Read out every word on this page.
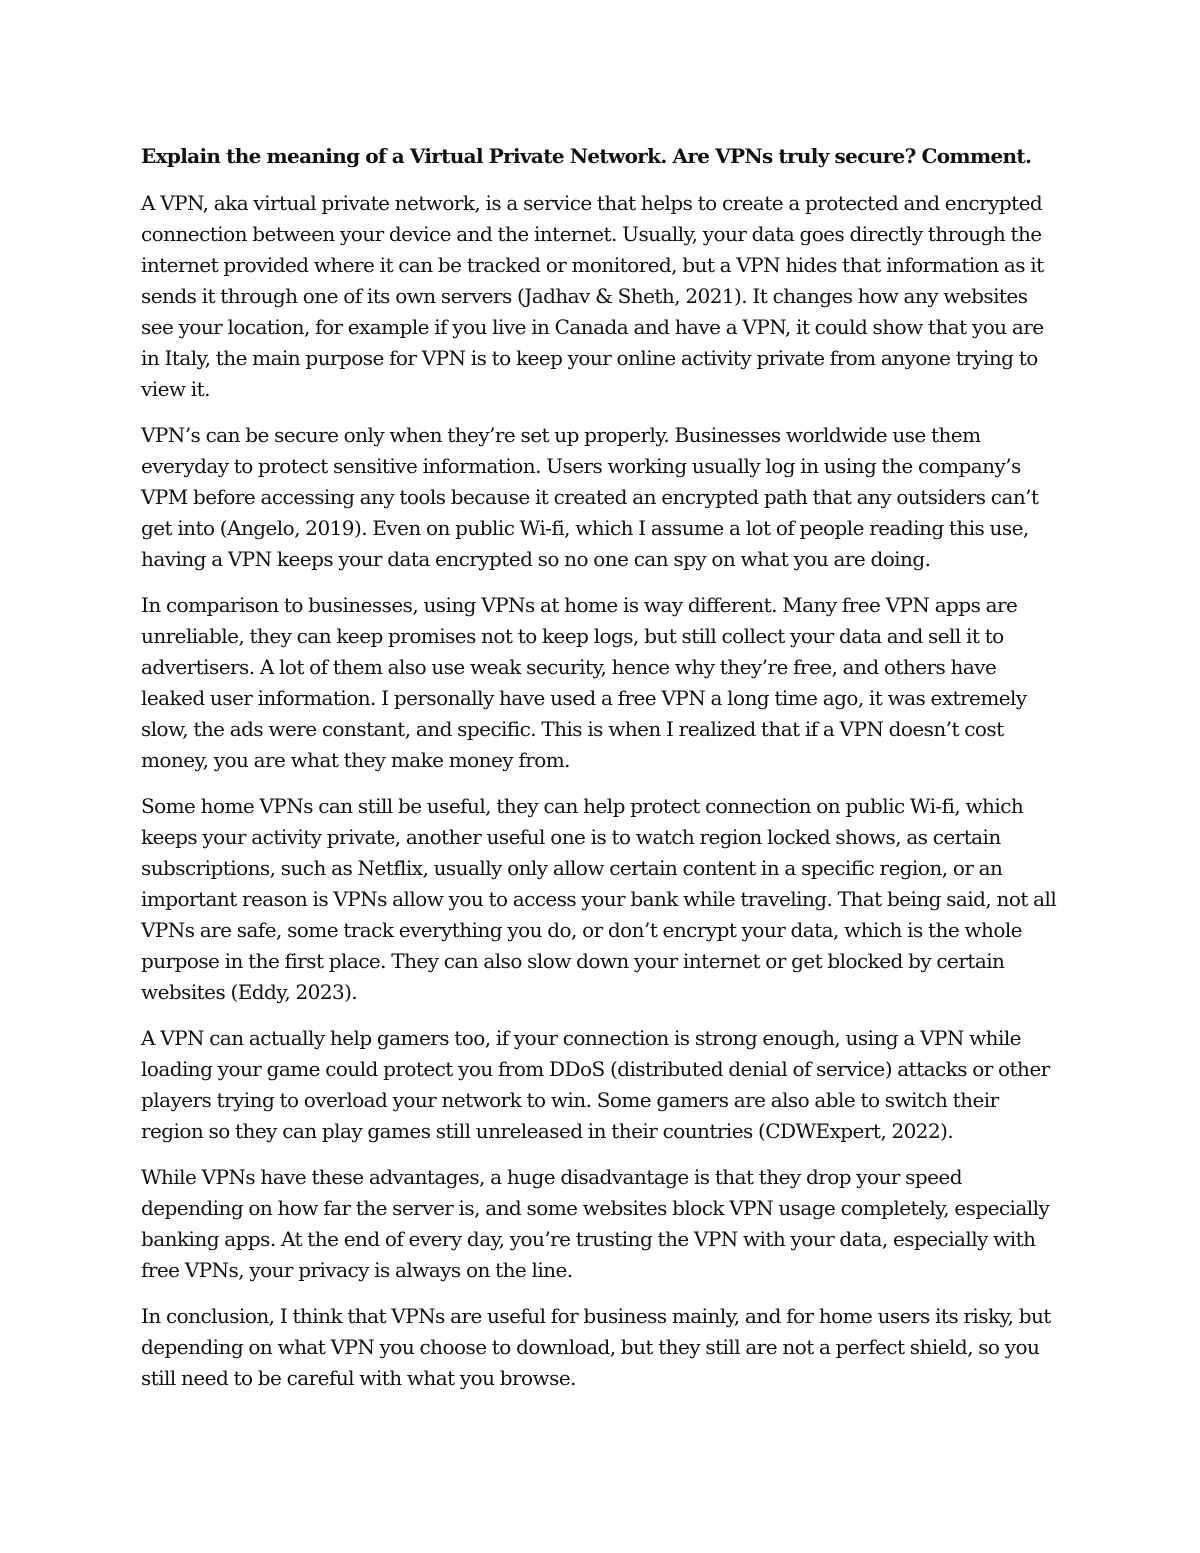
Explain the meaning of a Virtual Private Network. Are VPNs truly secure? Comment.

A VPN, aka virtual private network, is a service that helps to create a protected and encrypted connection between your device and the internet. Usually, your data goes directly through the internet provided where it can be tracked or monitored, but a VPN hides that information as it sends it through one of its own servers (Jadhav & Sheth, 2021). It changes how any websites see your location, for example if you live in Canada and have a VPN, it could show that you are in Italy, the main purpose for VPN is to keep your online activity private from anyone trying to view it.

VPN’s can be secure only when they’re set up properly. Businesses worldwide use them everyday to protect sensitive information. Users working usually log in using the company’s VPM before accessing any tools because it created an encrypted path that any outsiders can’t get into (Angelo, 2019). Even on public Wi-fi, which I assume a lot of people reading this use, having a VPN keeps your data encrypted so no one can spy on what you are doing.

In comparison to businesses, using VPNs at home is way different. Many free VPN apps are unreliable, they can keep promises not to keep logs, but still collect your data and sell it to advertisers. A lot of them also use weak security, hence why they’re free, and others have leaked user information. I personally have used a free VPN a long time ago, it was extremely slow, the ads were constant, and specific. This is when I realized that if a VPN doesn’t cost money, you are what they make money from.

Some home VPNs can still be useful, they can help protect connection on public Wi-fi, which keeps your activity private, another useful one is to watch region locked shows, as certain subscriptions, such as Netflix, usually only allow certain content in a specific region, or an important reason is VPNs allow you to access your bank while traveling. That being said, not all VPNs are safe, some track everything you do, or don’t encrypt your data, which is the whole purpose in the first place. They can also slow down your internet or get blocked by certain websites (Eddy, 2023).

A VPN can actually help gamers too, if your connection is strong enough, using a VPN while loading your game could protect you from DDoS (distributed denial of service) attacks or other players trying to overload your network to win. Some gamers are also able to switch their region so they can play games still unreleased in their countries (CDWExpert, 2022).

While VPNs have these advantages, a huge disadvantage is that they drop your speed depending on how far the server is, and some websites block VPN usage completely, especially banking apps. At the end of every day, you’re trusting the VPN with your data, especially with free VPNs, your privacy is always on the line.

In conclusion, I think that VPNs are useful for business mainly, and for home users its risky, but depending on what VPN you choose to download, but they still are not a perfect shield, so you still need to be careful with what you browse.
